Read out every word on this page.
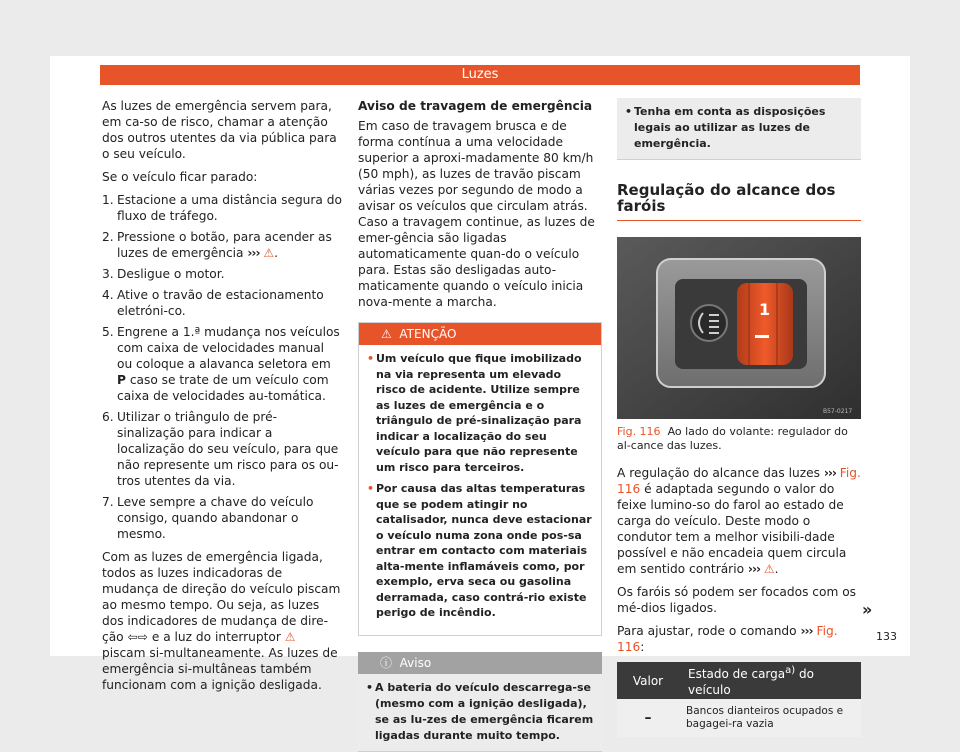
Luzes

As luzes de emergência servem para, em ca-so de risco, chamar a atenção dos outros utentes da via pública para o seu veículo.

Se o veículo ficar parado:

1. Estacione a uma distância segura do fluxo de tráfego.
2. Pressione o botão, para acender as luzes de emergência ››› ⚠.
3. Desligue o motor.
4. Ative o travão de estacionamento eletróni-co.
5. Engrene a 1.ª mudança nos veículos com caixa de velocidades manual ou coloque a alavanca seletora em P caso se trate de um veículo com caixa de velocidades au-tomática.
6. Utilizar o triângulo de pré-sinalização para indicar a localização do seu veículo, para que não represente um risco para os ou-tros utentes da via.
7. Leve sempre a chave do veículo consigo, quando abandonar o mesmo.

Com as luzes de emergência ligada, todos as luzes indicadoras de mudança de direção do veículo piscam ao mesmo tempo. Ou seja, as luzes dos indicadores de mudança de dire-ção ⇦⇨ e a luz do interruptor ⚠ piscam si-multaneamente. As luzes de emergência si-multâneas também funcionam com a ignição desligada.

Aviso de travagem de emergência

Em caso de travagem brusca e de forma contínua a uma velocidade superior a aproxi-madamente 80 km/h (50 mph), as luzes de travão piscam várias vezes por segundo de modo a avisar os veículos que circulam atrás. Caso a travagem continue, as luzes de emer-gência são ligadas automaticamente quan-do o veículo para. Estas são desligadas auto-maticamente quando o veículo inicia nova-mente a marcha.

⚠ ATENÇÃO
• Um veículo que fique imobilizado na via representa um elevado risco de acidente. Utilize sempre as luzes de emergência e o triângulo de pré-sinalização para indicar a localização do seu veículo para que não represente um risco para terceiros.
• Por causa das altas temperaturas que se podem atingir no catalisador, nunca deve estacionar o veículo numa zona onde pos-sa entrar em contacto com materiais alta-mente inflamáveis como, por exemplo, erva seca ou gasolina derramada, caso contrá-rio existe perigo de incêndio.
ⓘ Aviso
• A bateria do veículo descarrega-se (mesmo com a ignição desligada), se as lu-zes de emergência ficarem ligadas durante muito tempo.
• Tenha em conta as disposições legais ao utilizar as luzes de emergência.
Regulação do alcance dos faróis
1
B57-0217
Fig. 116 Ao lado do volante: regulador do al-cance das luzes.

A regulação do alcance das luzes ››› Fig. 116 é adaptada segundo o valor do feixe lumino-so do farol ao estado de carga do veículo. Deste modo o condutor tem a melhor visibili-dade possível e não encadeia quem circula em sentido contrário ››› ⚠.

Os faróis só podem ser focados com os mé-dios ligados.

Para ajustar, rode o comando ››› Fig. 116:

Valor	Estado de carga$^{a)}$ do veículo
–	Bancos dianteiros ocupados e bagagei-ra vazia
»
133
